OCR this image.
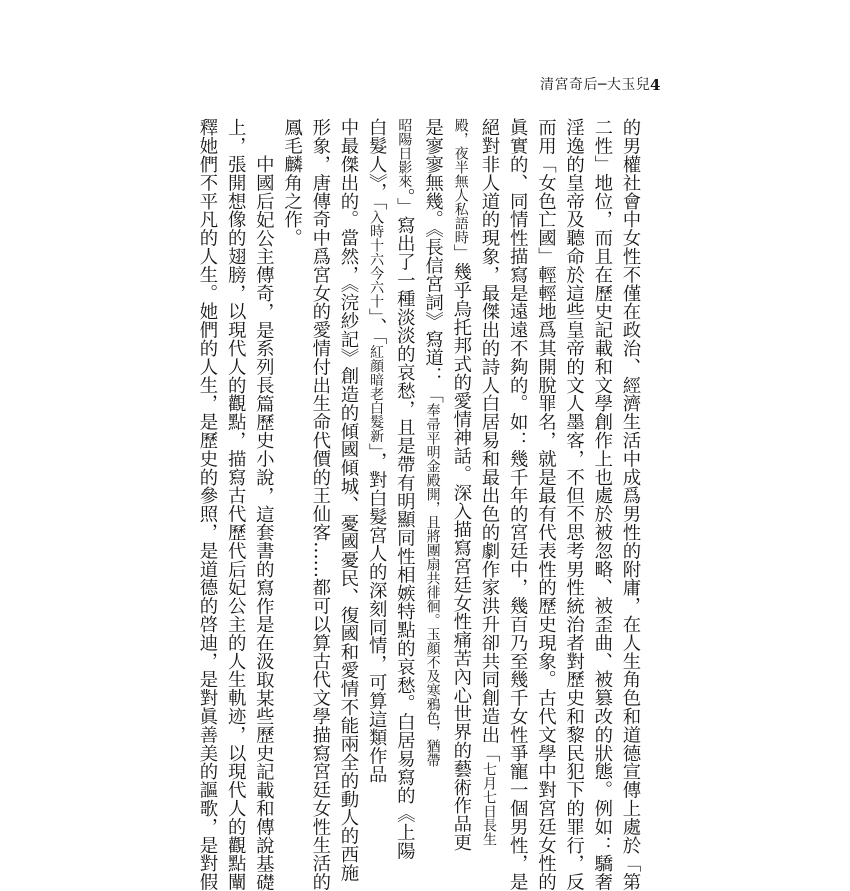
清宮奇后─大玉兒 4
的男權社會中女性不僅在政治、經濟生活中成爲男性的附庸，在人生角色和道德宣傳上處於「第
二性」地位，而且在歷史記載和文學創作上也處於被忽略、被歪曲、被篡改的狀態。例如：驕奢
淫逸的皇帝及聽命於這些皇帝的文人墨客，不但不思考男性統治者對歷史和黎民犯下的罪行，反
而用「女色亡國」輕輕地爲其開脫罪名，就是最有代表性的歷史現象。古代文學中對宮廷女性的
眞實的、同情性描寫是遠遠不夠的。如：幾千年的宮廷中，幾百乃至幾千女性爭寵一個男性，是
絕對非人道的現象，最傑出的詩人白居易和最出色的劇作家洪升卻共同創造出「七月七日長生
殿，夜半無人私語時」幾乎烏托邦式的愛情神話。深入描寫宮廷女性痛苦內心世界的藝術作品更
是寥寥無幾。《長信宮詞》寫道：「奉帚平明金殿開，且將團扇共徘徊。玉顔不及寒鴉色，猶帶
昭陽日影來。」寫出了一種淡淡的哀愁，且是帶有明顯同性相嫉特點的哀愁。白居易寫的《上陽
白髮人》，「入時十六今六十」、「紅顔暗老白髮新」，對白髮宮人的深刻同情，可算這類作品
中最傑出的。當然，《浣紗記》創造的傾國傾城、憂國憂民、復國和愛情不能兩全的動人的西施
形象，唐傳奇中爲宮女的愛情付出生命代價的王仙客……都可以算古代文學描寫宮廷女性生活的
鳳毛麟角之作。
中國后妃公主傳奇，是系列長篇歷史小說，這套書的寫作是在汲取某些歷史記載和傳說基礎
上，張開想像的翅膀，以現代人的觀點，描寫古代歷代后妃公主的人生軌迹，以現代人的觀點闡
釋她們不平凡的人生。她們的人生，是歷史的參照，是道德的啓迪，是對眞善美的謳歌，是對假
